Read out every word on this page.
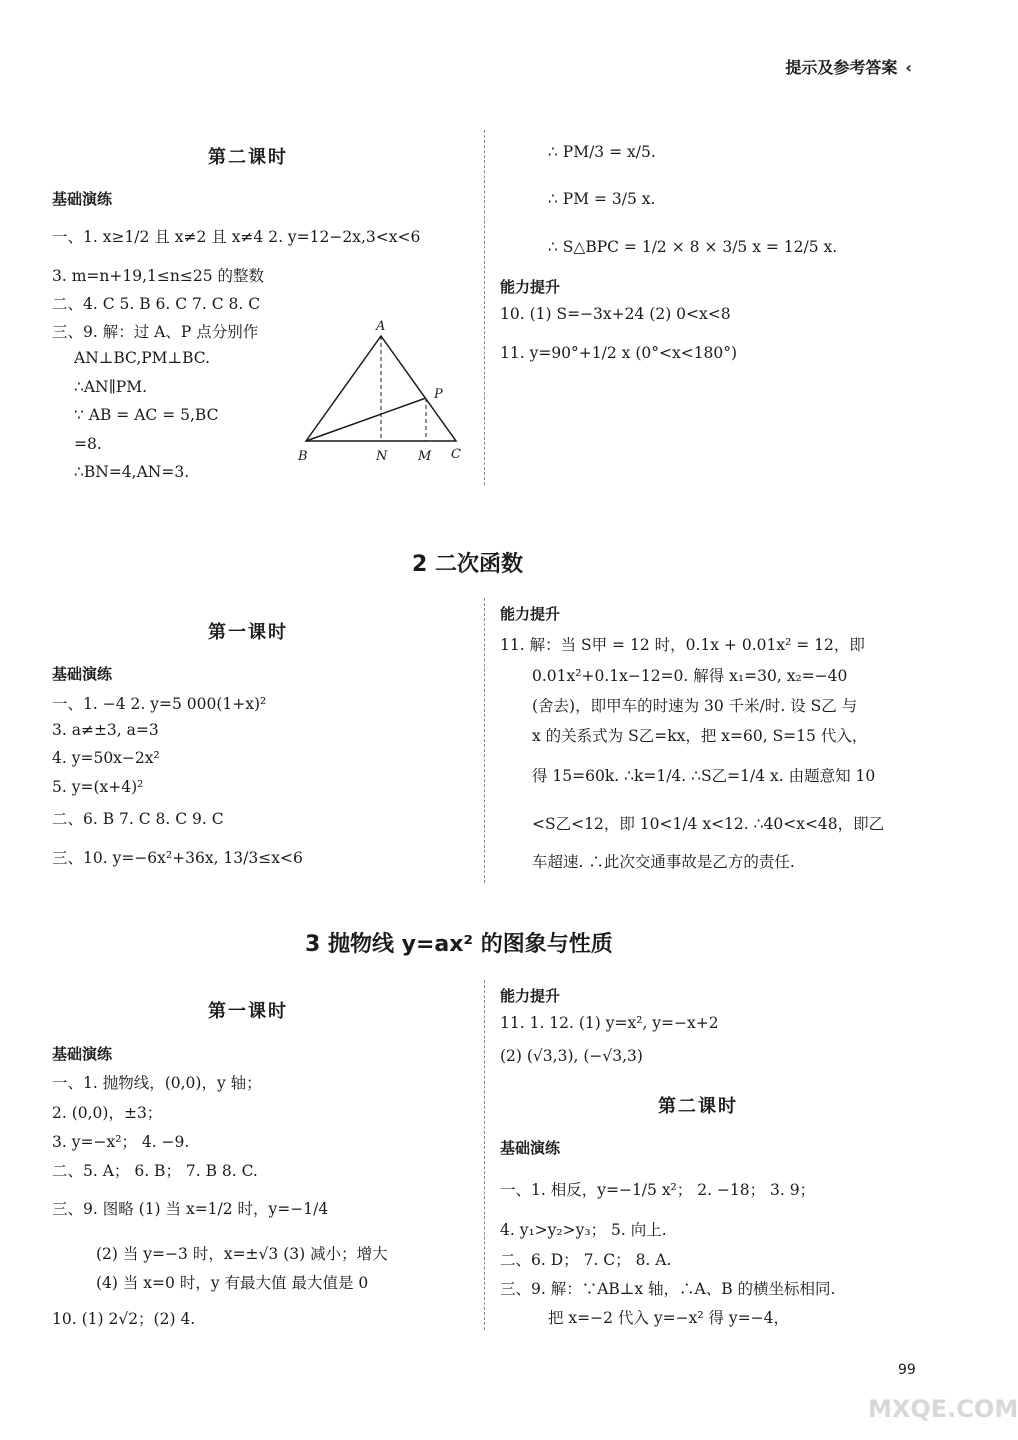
提示及参考答案 ‹
第二课时
基础演练
一、1. x≥1/2 且 x≠2 且 x≠4 2. y=12−2x,3<x<6
3. m=n+19,1≤n≤25 的整数
二、4. C 5. B 6. C 7. C 8. C
三、9. 解：过 A、P 点分别作
AN⊥BC,PM⊥BC.
∴AN∥PM.
∵ AB = AC = 5,BC
=8.
∴BN=4,AN=3.
A
P
B	N M C
∴ PM/3 = x/5.
∴ PM = 3/5 x.
∴ S△BPC = 1/2 × 8 × 3/5 x = 12/5 x.
能力提升
10. (1) S=−3x+24 (2) 0<x<8
11. y=90°+1/2 x (0°<x<180°)
2 二次函数
第一课时
基础演练
一、1. −4 2. y=5 000(1+x)²
3. a≠±3, a=3
4. y=50x−2x²
5. y=(x+4)²
二、6. B 7. C 8. C 9. C
三、10. y=−6x²+36x, 13/3≤x<6
能力提升
11. 解：当 S甲 = 12 时，0.1x + 0.01x² = 12，即
0.01x²+0.1x−12=0. 解得 x₁=30, x₂=−40
(舍去)，即甲车的时速为 30 千米/时. 设 S乙 与
x 的关系式为 S乙=kx，把 x=60, S=15 代入，
得 15=60k. ∴k=1/4. ∴S乙=1/4 x. 由题意知 10
<S乙<12，即 10<1/4 x<12. ∴40<x<48，即乙
车超速. ∴此次交通事故是乙方的责任.
3 抛物线 y=ax² 的图象与性质
第一课时
基础演练
一、1. 抛物线，(0,0)，y 轴；
2. (0,0)，±3；
3. y=−x²； 4. −9.
二、5. A； 6. B； 7. B 8. C.
三、9. 图略 (1) 当 x=1/2 时，y=−1/4
(2) 当 y=−3 时，x=±√3 (3) 减小；增大
(4) 当 x=0 时，y 有最大值 最大值是 0
10. (1) 2√2；(2) 4.
能力提升
11. 1. 12. (1) y=x², y=−x+2
(2) (√3,3), (−√3,3)
第二课时
基础演练
一、1. 相反，y=−1/5 x²； 2. −18； 3. 9；
4. y₁>y₂>y₃； 5. 向上.
二、6. D； 7. C； 8. A.
三、9. 解：∵AB⊥x 轴，∴A、B 的横坐标相同.
把 x=−2 代入 y=−x² 得 y=−4，
99
MXQE.COM
